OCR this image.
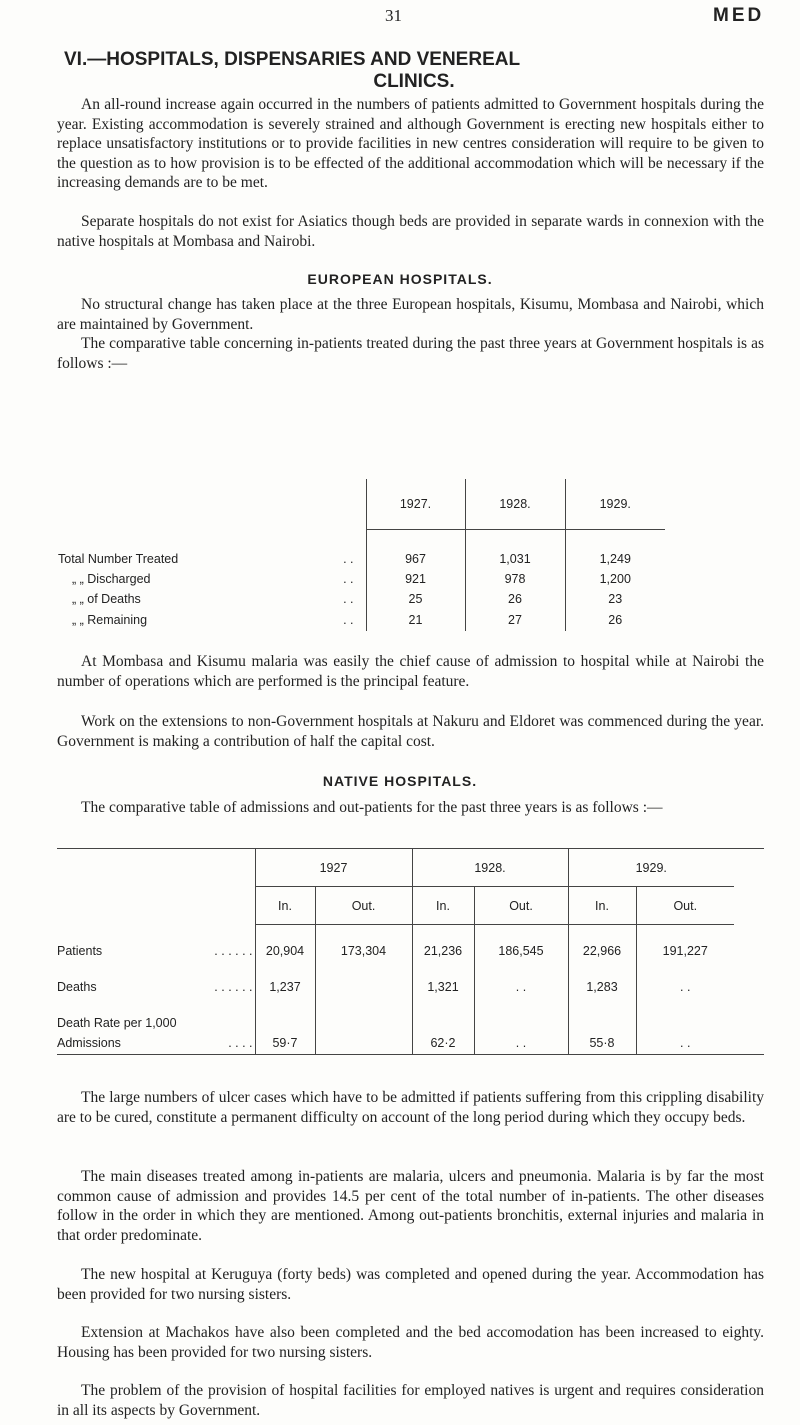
31	MED
VI.—HOSPITALS, DISPENSARIES AND VENEREAL
CLINICS.
An all-round increase again occurred in the numbers of patients admitted to Government hospitals during the year. Existing accommodation is severely strained and although Government is erecting new hospitals either to replace unsatisfactory institutions or to provide facilities in new centres consideration will require to be given to the question as to how provision is to be effected of the additional accommodation which will be necessary if the increasing demands are to be met.
Separate hospitals do not exist for Asiatics though beds are provided in separate wards in connexion with the native hospitals at Mombasa and Nairobi.
EUROPEAN HOSPITALS.
No structural change has taken place at the three European hospitals, Kisumu, Mombasa and Nairobi, which are maintained by Government.
The comparative table concerning in-patients treated during the past three years at Government hospitals is as follows :—
	1927.	1928.	1929.	

Total Number Treated . .	967	1,031	1,249	
„ „ Discharged . .	921	978	1,200	
„ „ of Deaths . .	25	26	23	
„ „ Remaining . .	21	27	26	
At Mombasa and Kisumu malaria was easily the chief cause of admission to hospital while at Nairobi the number of operations which are performed is the principal feature.
Work on the extensions to non-Government hospitals at Nakuru and Eldoret was commenced during the year. Government is making a contribution of half the capital cost.
NATIVE HOSPITALS.
The comparative table of admissions and out-patients for the past three years is as follows :—
	1927		1928.		1929.		
	In.	Out.	In.	Out.	In.	Out.	

Patients . . . . . .	20,904	173,304	21,236	186,545	22,966	191,227	

Deaths . . . . . .	1,237		1,321	. .	1,283	. .	

Death Rate per 1,000							
Admissions . . . .	59·7		62·2	. .	55·8	. .	
The large numbers of ulcer cases which have to be admitted if patients suffering from this crippling disability are to be cured, constitute a permanent difficulty on account of the long period during which they occupy beds.
The main diseases treated among in-patients are malaria, ulcers and pneumonia. Malaria is by far the most common cause of admission and provides 14.5 per cent of the total number of in-patients. The other diseases follow in the order in which they are mentioned. Among out-patients bronchitis, external injuries and malaria in that order predominate.
The new hospital at Keruguya (forty beds) was completed and opened during the year. Accommodation has been provided for two nursing sisters.
Extension at Machakos have also been completed and the bed accomodation has been increased to eighty. Housing has been provided for two nursing sisters.
The problem of the provision of hospital facilities for employed natives is urgent and requires consideration in all its aspects by Government.
